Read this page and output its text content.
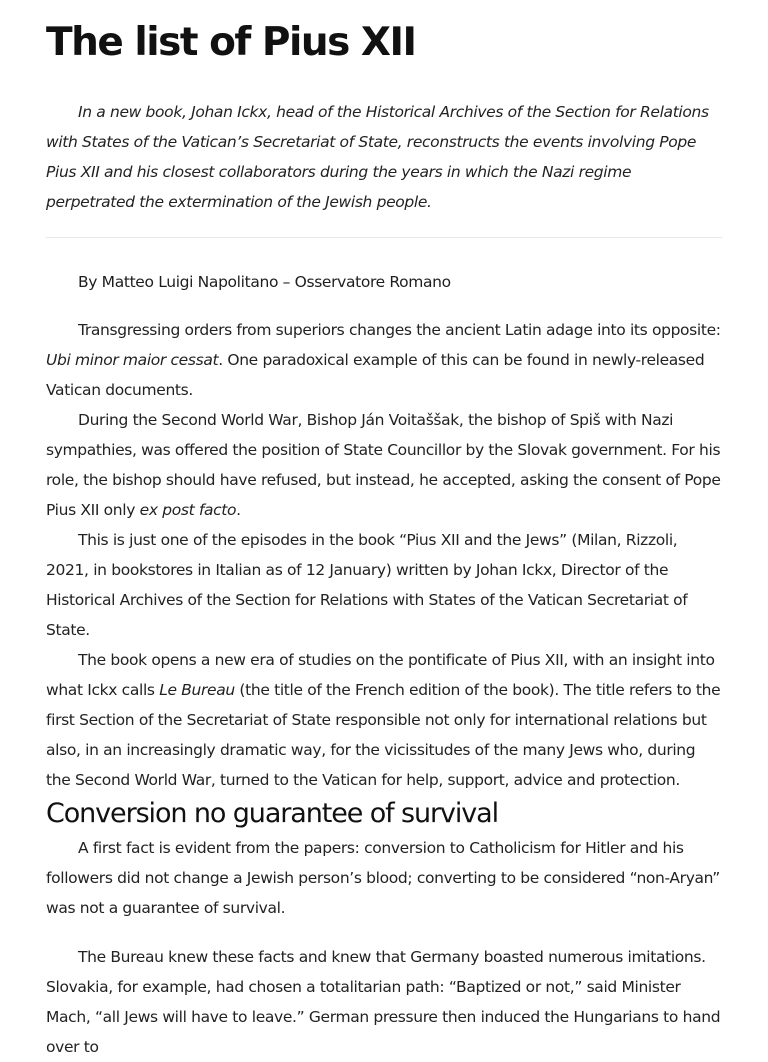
The list of Pius XII

In a new book, Johan Ickx, head of the Historical Archives of the Section for Relations with States of the Vatican’s Secretariat of State, reconstructs the events involving Pope Pius XII and his closest collaborators during the years in which the Nazi regime perpetrated the extermination of the Jewish people.

By Matteo Luigi Napolitano – Osservatore Romano

Transgressing orders from superiors changes the ancient Latin adage into its opposite: Ubi minor maior cessat. One paradoxical example of this can be found in newly-released Vatican documents.

During the Second World War, Bishop Ján Voitaššak, the bishop of Spiš with Nazi sympathies, was offered the position of State Councillor by the Slovak government. For his role, the bishop should have refused, but instead, he accepted, asking the consent of Pope Pius XII only ex post facto.

This is just one of the episodes in the book “Pius XII and the Jews” (Milan, Rizzoli, 2021, in bookstores in Italian as of 12 January) written by Johan Ickx, Director of the Historical Archives of the Section for Relations with States of the Vatican Secretariat of State.

The book opens a new era of studies on the pontificate of Pius XII, with an insight into what Ickx calls Le Bureau (the title of the French edition of the book). The title refers to the first Section of the Secretariat of State responsible not only for international relations but also, in an increasingly dramatic way, for the vicissitudes of the many Jews who, during the Second World War, turned to the Vatican for help, support, advice and protection.

Conversion no guarantee of survival

A first fact is evident from the papers: conversion to Catholicism for Hitler and his followers did not change a Jewish person’s blood; converting to be considered “non-Aryan” was not a guarantee of survival.

The Bureau knew these facts and knew that Germany boasted numerous imitations. Slovakia, for example, had chosen a totalitarian path: “Baptized or not,” said Minister Mach, “all Jews will have to leave.” German pressure then induced the Hungarians to hand over to
